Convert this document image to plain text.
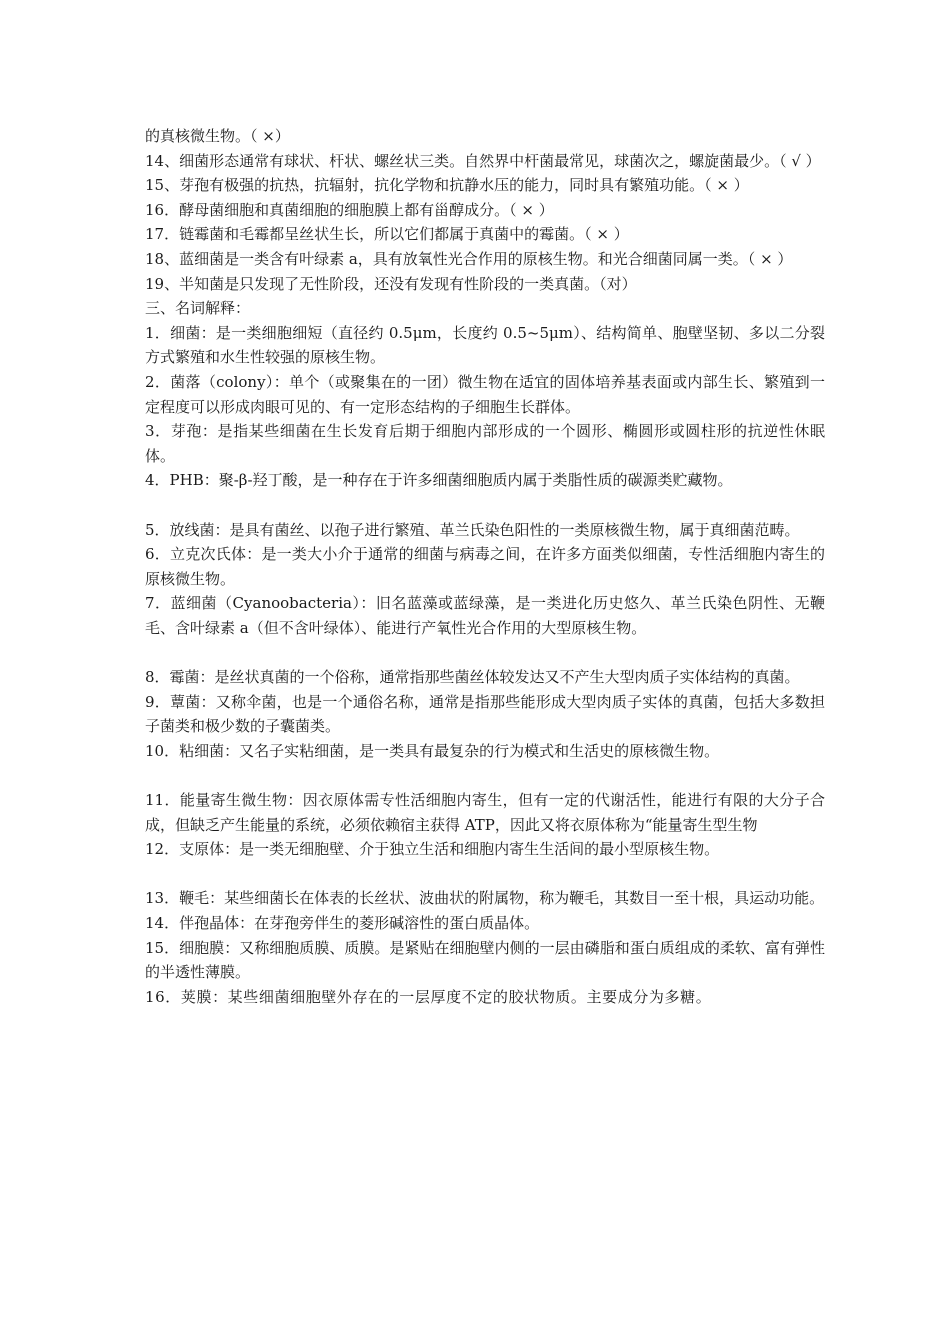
的真核微生物。（ ×）

14、细菌形态通常有球状、杆状、螺丝状三类。自然界中杆菌最常见，球菌次之，螺旋菌最少。（ √ ）

15、芽孢有极强的抗热，抗辐射，抗化学物和抗静水压的能力，同时具有繁殖功能。（ × ）

16．酵母菌细胞和真菌细胞的细胞膜上都有甾醇成分。（ × ）

17．链霉菌和毛霉都呈丝状生长，所以它们都属于真菌中的霉菌。（ × ）

18、蓝细菌是一类含有叶绿素 a，具有放氧性光合作用的原核生物。和光合细菌同属一类。（ × ）

19、半知菌是只发现了无性阶段，还没有发现有性阶段的一类真菌。（对）

三、名词解释：

1．细菌：是一类细胞细短（直径约 0.5μm，长度约 0.5~5μm）、结构简单、胞壁坚韧、多以二分裂方式繁殖和水生性较强的原核生物。

2．菌落（colony）：单个（或聚集在的一团）微生物在适宜的固体培养基表面或内部生长、繁殖到一定程度可以形成肉眼可见的、有一定形态结构的子细胞生长群体。

3．芽孢：是指某些细菌在生长发育后期于细胞内部形成的一个圆形、椭圆形或圆柱形的抗逆性休眠体。

4．PHB：聚-β-羟丁酸，是一种存在于许多细菌细胞质内属于类脂性质的碳源类贮藏物。

5．放线菌：是具有菌丝、以孢子进行繁殖、革兰氏染色阳性的一类原核微生物，属于真细菌范畴。

6．立克次氏体：是一类大小介于通常的细菌与病毒之间，在许多方面类似细菌，专性活细胞内寄生的原核微生物。

7．蓝细菌（Cyanoobacteria）：旧名蓝藻或蓝绿藻，是一类进化历史悠久、革兰氏染色阴性、无鞭毛、含叶绿素 a（但不含叶绿体）、能进行产氧性光合作用的大型原核生物。

8．霉菌：是丝状真菌的一个俗称，通常指那些菌丝体较发达又不产生大型肉质子实体结构的真菌。

9．蕈菌：又称伞菌，也是一个通俗名称，通常是指那些能形成大型肉质子实体的真菌，包括大多数担子菌类和极少数的子囊菌类。

10．粘细菌：又名子实粘细菌，是一类具有最复杂的行为模式和生活史的原核微生物。

11．能量寄生微生物：因衣原体需专性活细胞内寄生，但有一定的代谢活性，能进行有限的大分子合成，但缺乏产生能量的系统，必须依赖宿主获得 ATP，因此又将衣原体称为“能量寄生型生物

12．支原体：是一类无细胞壁、介于独立生活和细胞内寄生生活间的最小型原核生物。

13．鞭毛：某些细菌长在体表的长丝状、波曲状的附属物，称为鞭毛，其数目一至十根，具运动功能。

14．伴孢晶体：在芽孢旁伴生的菱形碱溶性的蛋白质晶体。

15．细胞膜：又称细胞质膜、质膜。是紧贴在细胞壁内侧的一层由磷脂和蛋白质组成的柔软、富有弹性的半透性薄膜。

16．荚膜：某些细菌细胞壁外存在的一层厚度不定的胶状物质。主要成分为多糖。
